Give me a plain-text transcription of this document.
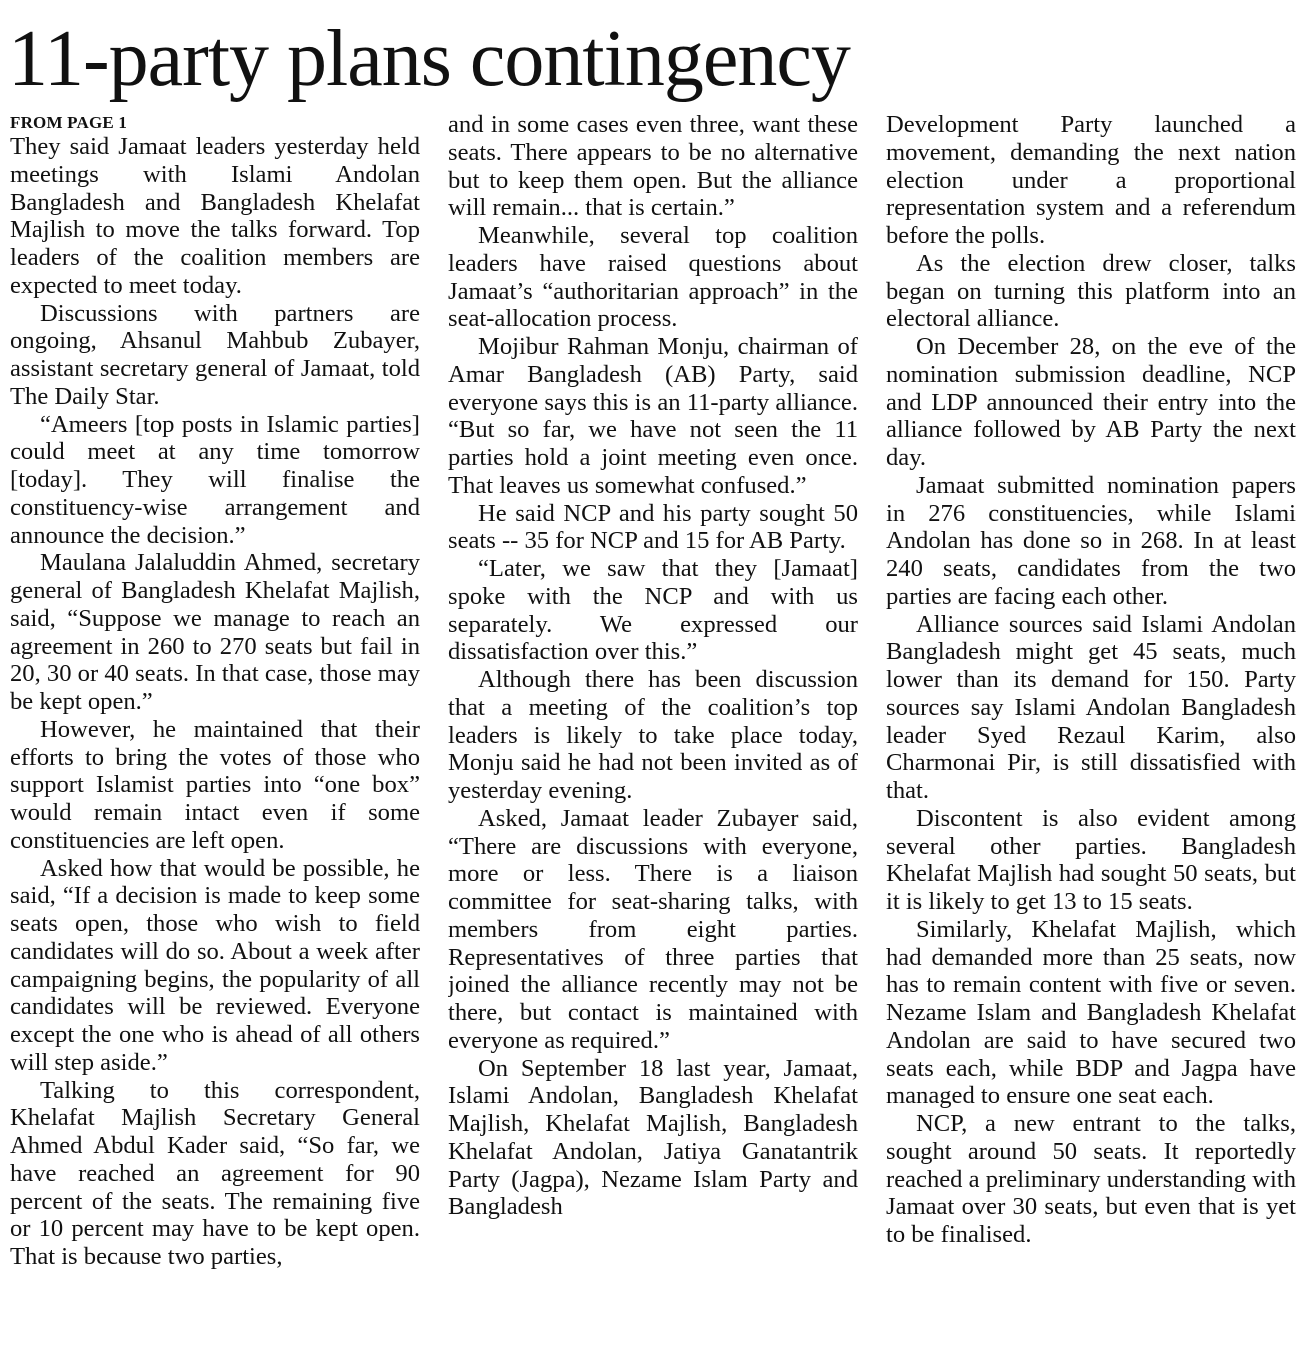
11-party plans contingency
FROM PAGE 1

They said Jamaat leaders yesterday held meetings with Islami Andolan Bangladesh and Bangladesh Khelafat Majlish to move the talks forward. Top leaders of the coalition members are expected to meet today.

Discussions with partners are ongoing, Ahsanul Mahbub Zubayer, assistant secretary general of Jamaat, told The Daily Star.

“Ameers [top posts in Islamic parties] could meet at any time tomorrow [today]. They will finalise the constituency-wise arrangement and announce the decision.”

Maulana Jalaluddin Ahmed, secretary general of Bangladesh Khelafat Majlish, said, “Suppose we manage to reach an agreement in 260 to 270 seats but fail in 20, 30 or 40 seats. In that case, those may be kept open.”

However, he maintained that their efforts to bring the votes of those who support Islamist parties into “one box” would remain intact even if some constituencies are left open.

Asked how that would be possible, he said, “If a decision is made to keep some seats open, those who wish to field candidates will do so. About a week after campaigning begins, the popularity of all candidates will be reviewed. Everyone except the one who is ahead of all others will step aside.”

Talking to this correspondent, Khelafat Majlish Secretary General Ahmed Abdul Kader said, “So far, we have reached an agreement for 90 percent of the seats. The remaining five or 10 percent may have to be kept open. That is because two parties,

and in some cases even three, want these seats. There appears to be no alternative but to keep them open. But the alliance will remain... that is certain.”

Meanwhile, several top coalition leaders have raised questions about Jamaat’s “authoritarian approach” in the seat-allocation process.

Mojibur Rahman Monju, chairman of Amar Bangladesh (AB) Party, said everyone says this is an 11-party alliance. “But so far, we have not seen the 11 parties hold a joint meeting even once. That leaves us somewhat confused.”

He said NCP and his party sought 50 seats -- 35 for NCP and 15 for AB Party.

“Later, we saw that they [Jamaat] spoke with the NCP and with us separately. We expressed our dissatisfaction over this.”

Although there has been discussion that a meeting of the coalition’s top leaders is likely to take place today, Monju said he had not been invited as of yesterday evening.

Asked, Jamaat leader Zubayer said, “There are discussions with everyone, more or less. There is a liaison committee for seat-sharing talks, with members from eight parties. Representatives of three parties that joined the alliance recently may not be there, but contact is maintained with everyone as required.”

On September 18 last year, Jamaat, Islami Andolan, Bangladesh Khelafat Majlish, Khelafat Majlish, Bangladesh Khelafat Andolan, Jatiya Ganatantrik Party (Jagpa), Nezame Islam Party and Bangladesh

Development Party launched a movement, demanding the next nation election under a proportional representation system and a referendum before the polls.

As the election drew closer, talks began on turning this platform into an electoral alliance.

On December 28, on the eve of the nomination submission deadline, NCP and LDP announced their entry into the alliance followed by AB Party the next day.

Jamaat submitted nomination papers in 276 constituencies, while Islami Andolan has done so in 268. In at least 240 seats, candidates from the two parties are facing each other.

Alliance sources said Islami Andolan Bangladesh might get 45 seats, much lower than its demand for 150. Party sources say Islami Andolan Bangladesh leader Syed Rezaul Karim, also Charmonai Pir, is still dissatisfied with that.

Discontent is also evident among several other parties. Bangladesh Khelafat Majlish had sought 50 seats, but it is likely to get 13 to 15 seats.

Similarly, Khelafat Majlish, which had demanded more than 25 seats, now has to remain content with five or seven. Nezame Islam and Bangladesh Khelafat Andolan are said to have secured two seats each, while BDP and Jagpa have managed to ensure one seat each.

NCP, a new entrant to the talks, sought around 50 seats. It reportedly reached a preliminary understanding with Jamaat over 30 seats, but even that is yet to be finalised.
